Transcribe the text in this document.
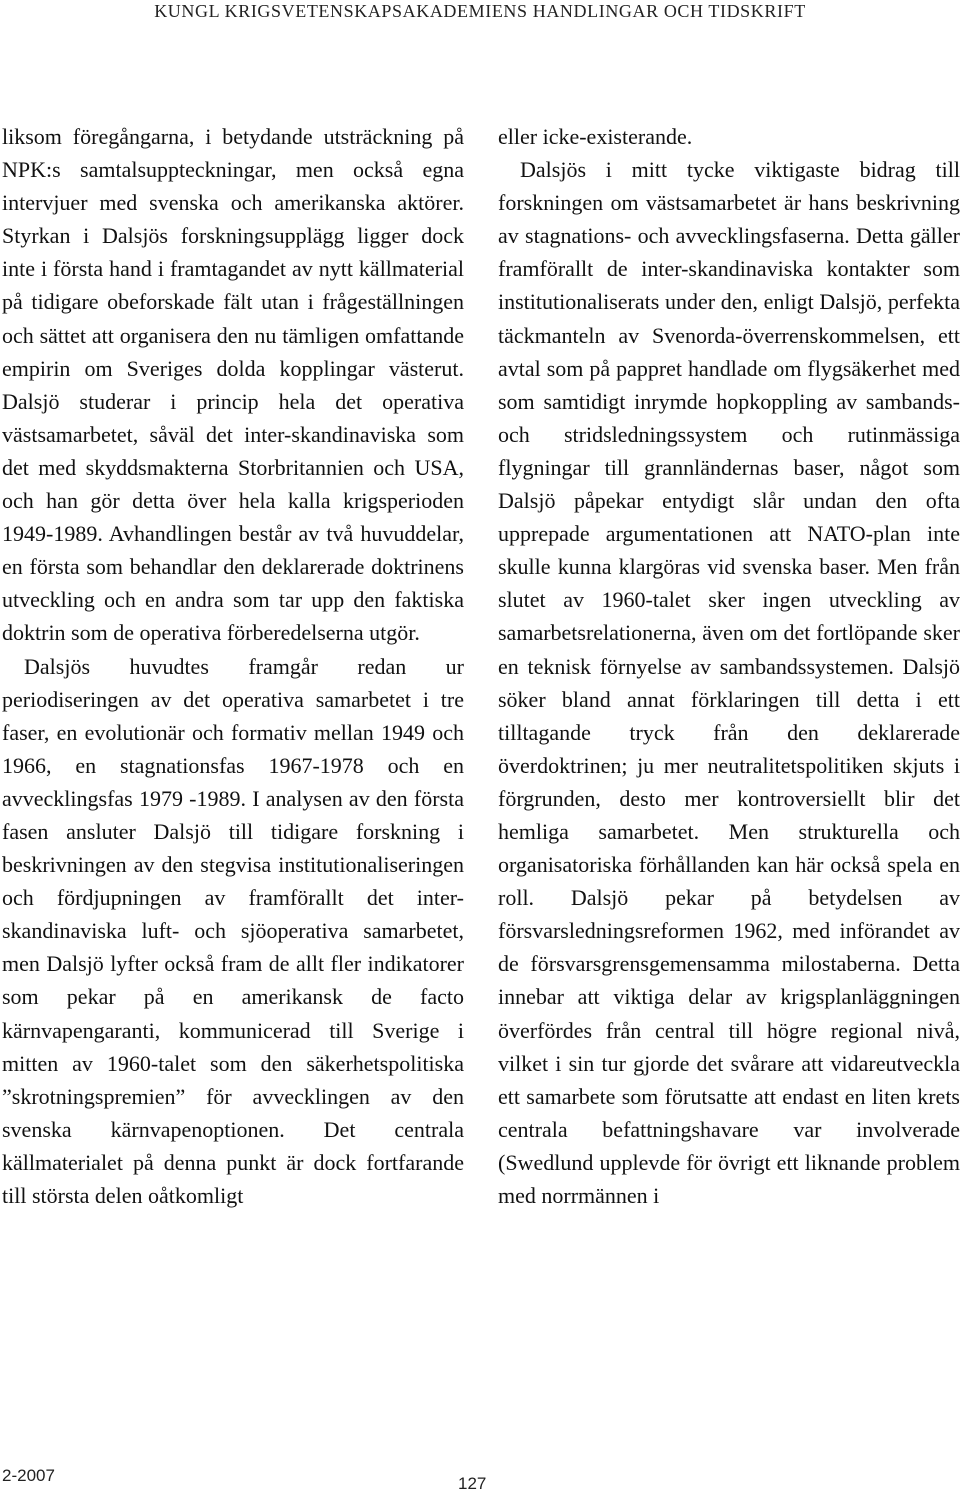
KUNGL KRIGSVETENSKAPSAKADEMIENS HANDLINGAR OCH TIDSKRIFT

liksom föregångarna, i betydande utsträckning på NPK:s samtalsuppteckningar, men också egna intervjuer med svenska och amerikanska aktörer. Styrkan i Dalsjös forskningsupplägg ligger dock inte i första hand i framtagandet av nytt källmaterial på tidigare obeforskade fält utan i frågeställningen och sättet att organisera den nu tämligen omfattande empirin om Sveriges dolda kopplingar västerut. Dalsjö studerar i princip hela det operativa västsamarbetet, såväl det inter-skandinaviska som det med skyddsmakterna Storbritannien och USA, och han gör detta över hela kalla krigsperioden 1949-1989. Avhandlingen består av två huvuddelar, en första som behandlar den deklarerade doktrinens utveckling och en andra som tar upp den faktiska doktrin som de operativa förberedelserna utgör.

Dalsjös huvudtes framgår redan ur periodiseringen av det operativa samarbetet i tre faser, en evolutionär och formativ mellan 1949 och 1966, en stagnationsfas 1967-1978 och en avvecklingsfas 1979 -1989. I analysen av den första fasen ansluter Dalsjö till tidigare forskning i beskrivningen av den stegvisa institutionaliseringen och fördjupningen av framförallt det inter-skandinaviska luft- och sjöoperativa samarbetet, men Dalsjö lyfter också fram de allt fler indikatorer som pekar på en amerikansk de facto kärnvapengaranti, kommunicerad till Sverige i mitten av 1960-talet som den säkerhetspolitiska ”skrotningspremien” för avvecklingen av den svenska kärnvapenoptionen. Det centrala källmaterialet på denna punkt är dock fortfarande till största delen oåtkomligt

eller icke-existerande.

Dalsjös i mitt tycke viktigaste bidrag till forskningen om västsamarbetet är hans beskrivning av stagnations- och avvecklingsfaserna. Detta gäller framförallt de inter-skandinaviska kontakter som institutionaliserats under den, enligt Dalsjö, perfekta täckmanteln av Svenorda-överrenskommelsen, ett avtal som på pappret handlade om flygsäkerhet med som samtidigt inrymde hopkoppling av sambands- och stridsledningssystem och rutinmässiga flygningar till grannländernas baser, något som Dalsjö påpekar entydigt slår undan den ofta upprepade argumentationen att NATO-plan inte skulle kunna klargöras vid svenska baser. Men från slutet av 1960-talet sker ingen utveckling av samarbetsrelationerna, även om det fortlöpande sker en teknisk förnyelse av sambandssystemen. Dalsjö söker bland annat förklaringen till detta i ett tilltagande tryck från den deklarerade överdoktrinen; ju mer neutralitetspolitiken skjuts i förgrunden, desto mer kontroversiellt blir det hemliga samarbetet. Men strukturella och organisatoriska förhållanden kan här också spela en roll. Dalsjö pekar på betydelsen av försvarsledningsreformen 1962, med införandet av de försvarsgrensgemensamma milostaberna. Detta innebar att viktiga delar av krigsplanläggningen överfördes från central till högre regional nivå, vilket i sin tur gjorde det svårare att vidareutveckla ett samarbete som förutsatte att endast en liten krets centrala befattningshavare var involverade (Swedlund upplevde för övrigt ett liknande problem med norrmännen i

2-2007	127
